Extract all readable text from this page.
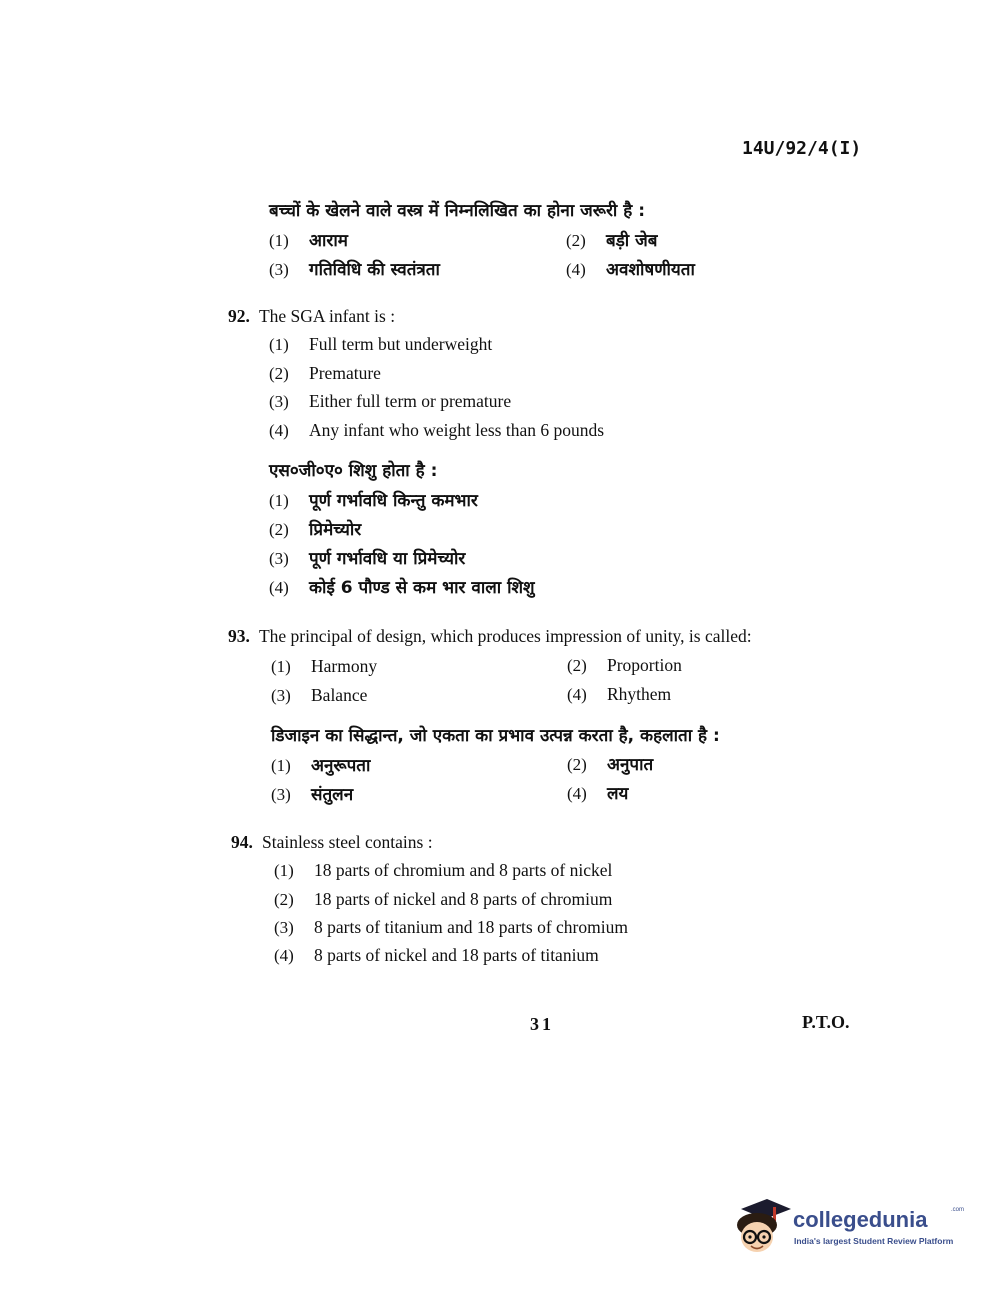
14U/92/4(I)
बच्चों के खेलने वाले वस्त्र में निम्नलिखित का होना जरूरी है :
(1)	आराम	(2)	बड़ी जेब
(3)	गतिविधि की स्वतंत्रता	(4)	अवशोषणीयता
92. The SGA infant is :
(1)	Full term but underweight
(2)	Premature
(3)	Either full term or premature
(4)	Any infant who weight less than 6 pounds
एस०जी०ए० शिशु होता है :
(1)	पूर्ण गर्भावधि किन्तु कमभार
(2)	प्रिमेच्योर
(3)	पूर्ण गर्भावधि या प्रिमेच्योर
(4)	कोई 6 पौण्ड से कम भार वाला शिशु
93. The principal of design, which produces impression of unity, is called:
(1)	Harmony	(2)	Proportion
(3)	Balance	(4)	Rhythem
डिजाइन का सिद्धान्त, जो एकता का प्रभाव उत्पन्न करता है, कहलाता है :
(1)	अनुरूपता	(2)	अनुपात
(3)	संतुलन	(4)	लय
94. Stainless steel contains :
(1)	18 parts of chromium and 8 parts of nickel
(2)	18 parts of nickel and 8 parts of chromium
(3)	8 parts of titanium and 18 parts of chromium
(4)	8 parts of nickel and 18 parts of titanium
31	P.T.O.
collegedunia	.com
India's largest Student Review Platform
